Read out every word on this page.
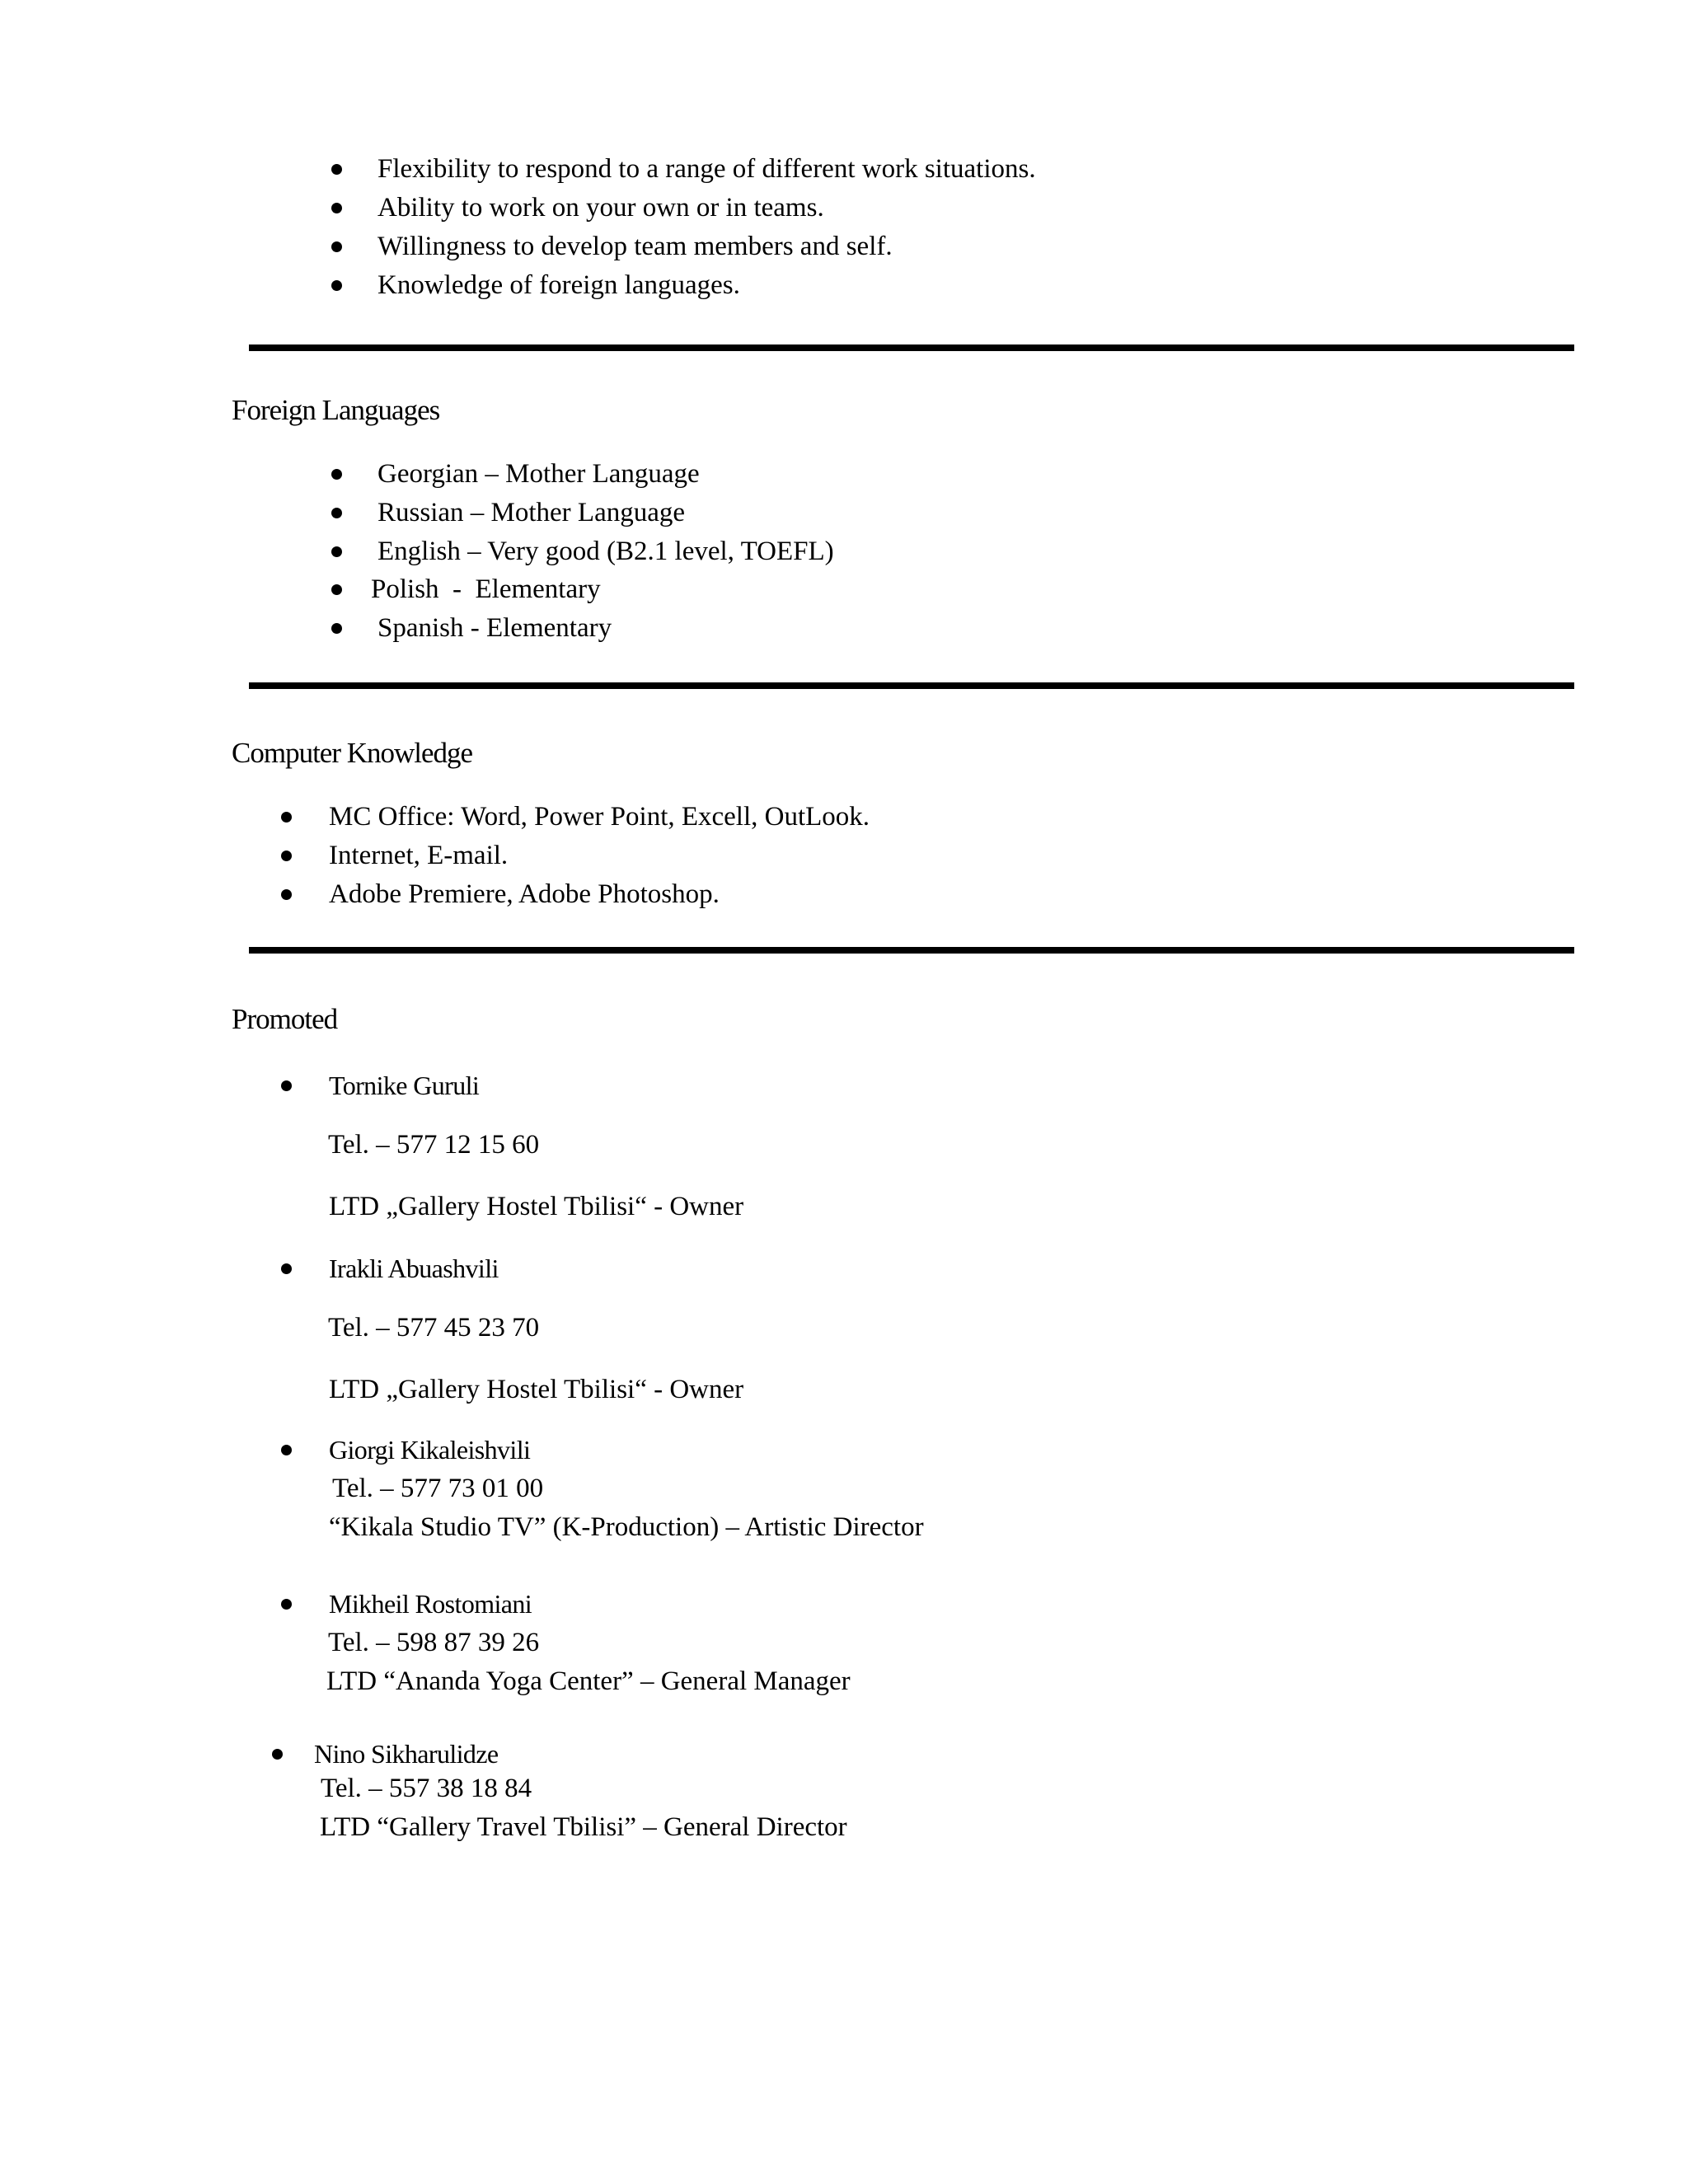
Flexibility to respond to a range of different work situations.
Ability to work on your own or in teams.
Willingness to develop team members and self.
Knowledge of foreign languages.
Foreign Languages
Georgian – Mother Language
Russian – Mother Language
English – Very good (B2.1 level, TOEFL)
Polish  -  Elementary
Spanish - Elementary
Computer Knowledge
MC Office: Word, Power Point, Excell, OutLook.
Internet, E-mail.
Adobe Premiere, Adobe Photoshop.
Promoted
Tornike Guruli
Tel. – 577 12 15 60
LTD „Gallery Hostel Tbilisi“ - Owner
Irakli Abuashvili
Tel. – 577 45 23 70
LTD „Gallery Hostel Tbilisi“ - Owner
Giorgi Kikaleishvili
Tel. – 577 73 01 00
“Kikala Studio TV” (K-Production) – Artistic Director
Mikheil Rostomiani
Tel. – 598 87 39 26
LTD “Ananda Yoga Center” – General Manager
Nino Sikharulidze
Tel. – 557 38 18 84
LTD “Gallery Travel Tbilisi” – General Director
